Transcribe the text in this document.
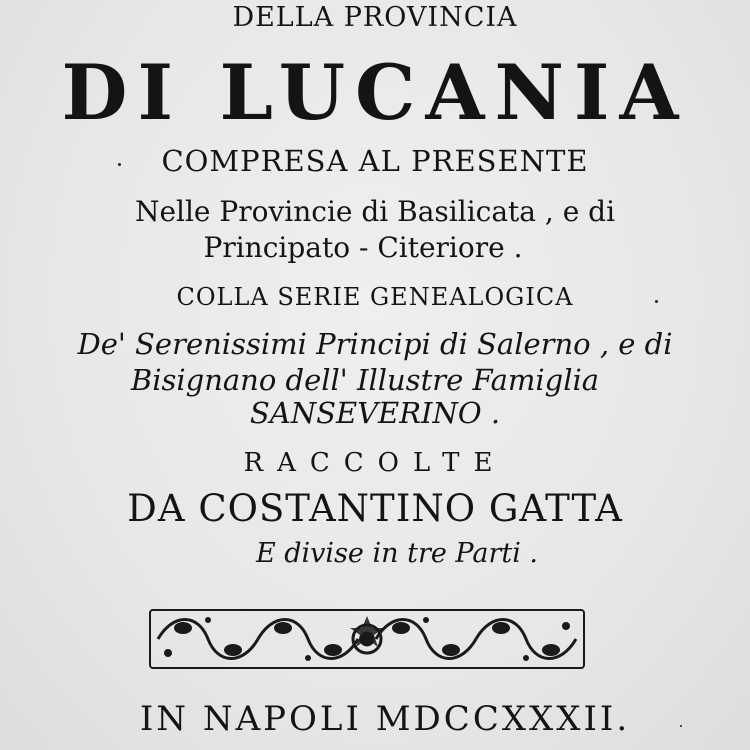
DELLA PROVINCIA
DI LUCANIA
COMPRESA AL PRESENTE
Nelle Provincie di Basilicata , e di
Principato - Citeriore .
COLLA SERIE GENEALOGICA
De' Serenissimi Principi di Salerno , e di
Bisignano dell' Illustre Famiglia
SANSEVERINO .
RACCOLTE
DA COSTANTINO GATTA
E divise in tre Parti .
IN NAPOLI MDCCXXXII.
